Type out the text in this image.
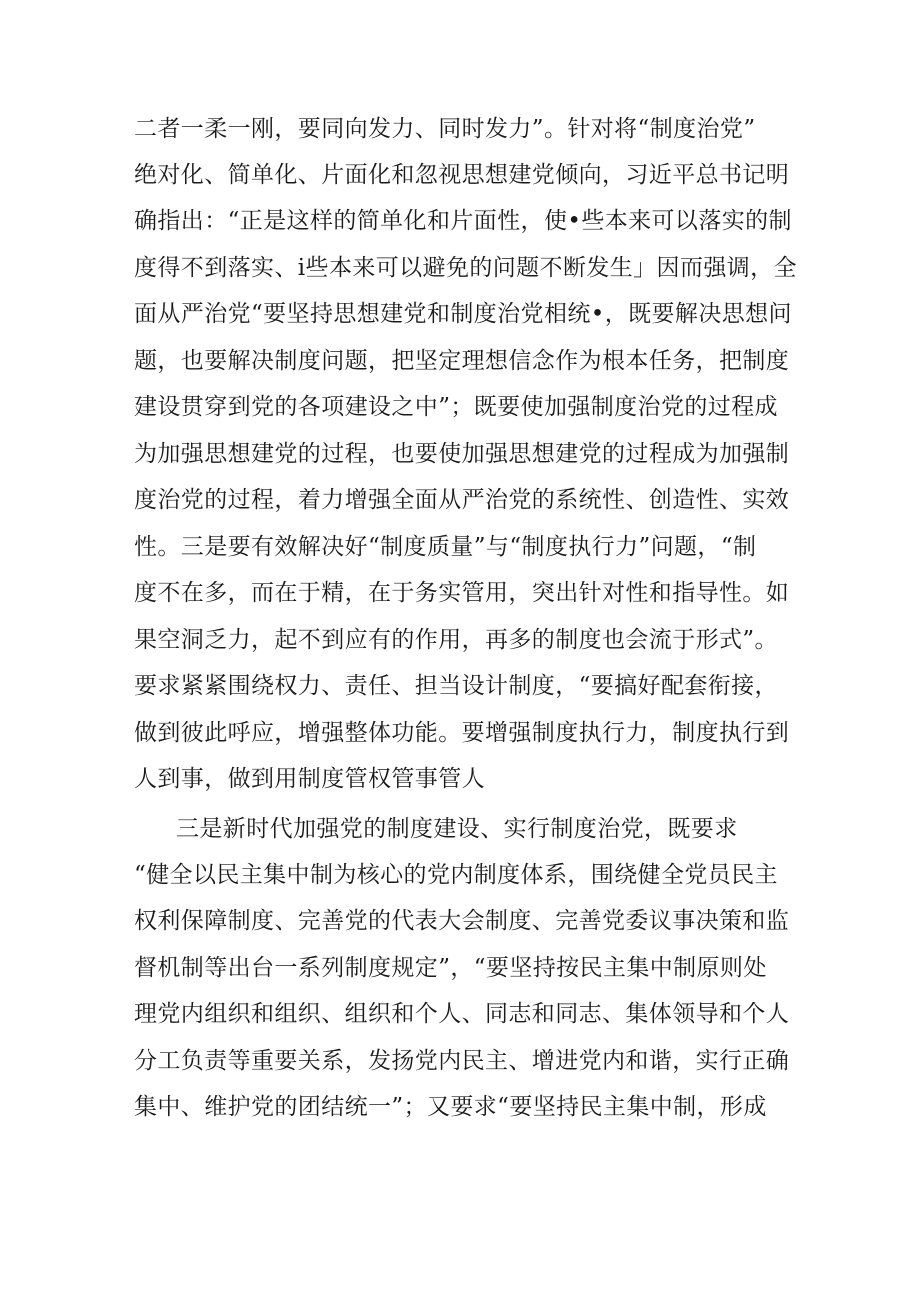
二者一柔一刚，要同向发力、同时发力”。针对将“制度治党”
绝对化、简单化、片面化和忽视思想建党倾向，习近平总书记明
确指出：“正是这样的简单化和片面性，使•些本来可以落实的制
度得不到落实、i些本来可以避免的问题不断发生」因而强调，全
面从严治党“要坚持思想建党和制度治党相统•，既要解决思想问
题，也要解决制度问题，把坚定理想信念作为根本任务，把制度
建设贯穿到党的各项建设之中”；既要使加强制度治党的过程成
为加强思想建党的过程，也要使加强思想建党的过程成为加强制
度治党的过程，着力增强全面从严治党的系统性、创造性、实效
性。三是要有效解决好“制度质量”与“制度执行力”问题，“制
度不在多，而在于精，在于务实管用，突出针对性和指导性。如
果空洞乏力，起不到应有的作用，再多的制度也会流于形式”。
要求紧紧围绕权力、责任、担当设计制度，“要搞好配套衔接，
做到彼此呼应，增强整体功能。要增强制度执行力，制度执行到
人到事，做到用制度管权管事管人
三是新时代加强党的制度建设、实行制度治党，既要求
“健全以民主集中制为核心的党内制度体系，围绕健全党员民主
权利保障制度、完善党的代表大会制度、完善党委议事决策和监
督机制等出台一系列制度规定”，“要坚持按民主集中制原则处
理党内组织和组织、组织和个人、同志和同志、集体领导和个人
分工负责等重要关系，发扬党内民主、增进党内和谐，实行正确
集中、维护党的团结统一”；又要求“要坚持民主集中制，形成
